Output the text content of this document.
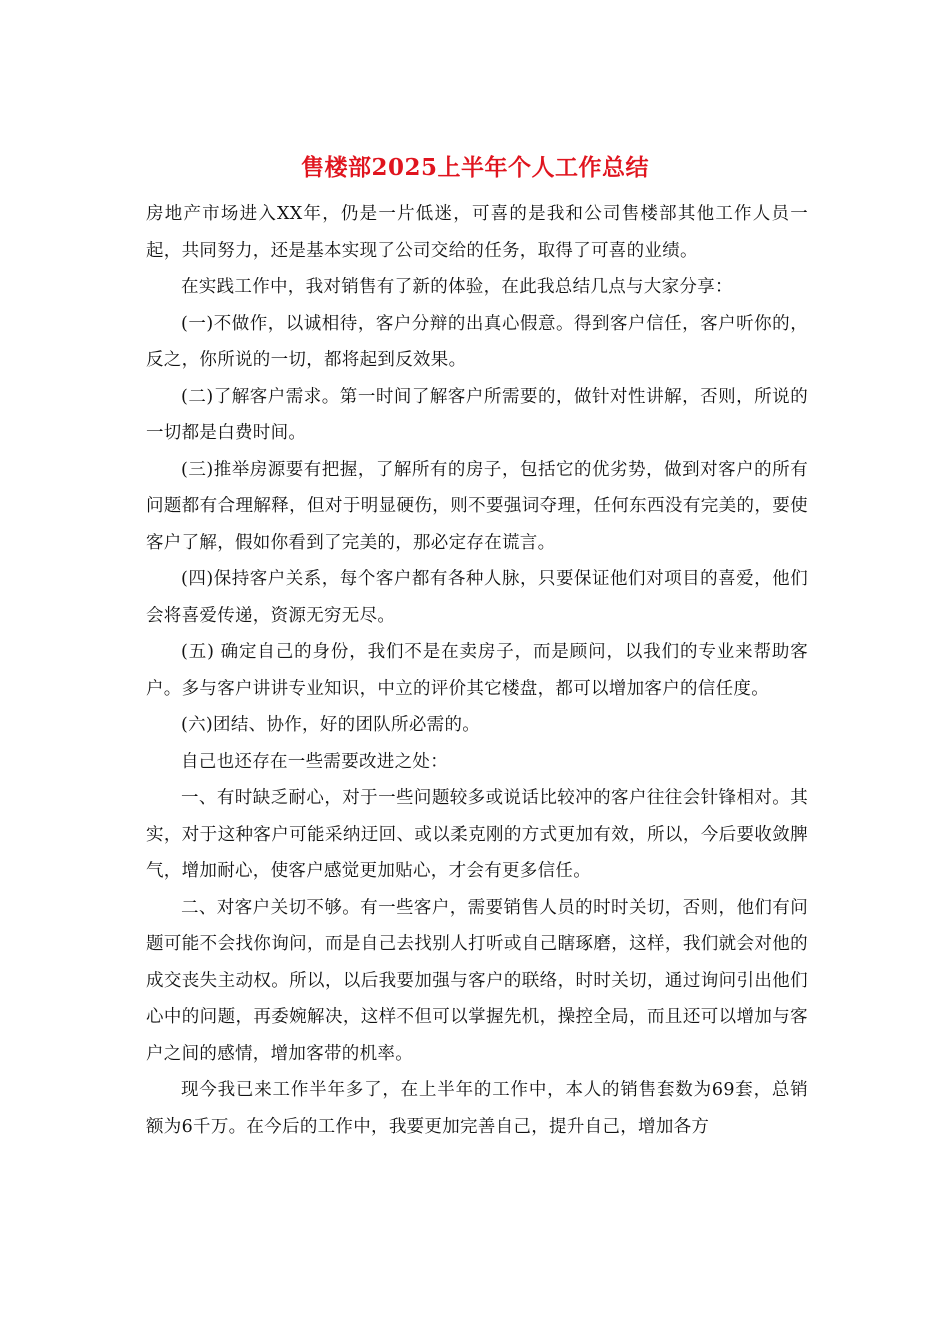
售楼部2025上半年个人工作总结

房地产市场进入XX年，仍是一片低迷，可喜的是我和公司售楼部其他工作人员一起，共同努力，还是基本实现了公司交给的任务，取得了可喜的业绩。

在实践工作中，我对销售有了新的体验，在此我总结几点与大家分享：

(一)不做作，以诚相待，客户分辩的出真心假意。得到客户信任，客户听你的，反之，你所说的一切，都将起到反效果。

(二)了解客户需求。第一时间了解客户所需要的，做针对性讲解，否则，所说的一切都是白费时间。

(三)推举房源要有把握，了解所有的房子，包括它的优劣势，做到对客户的所有问题都有合理解释，但对于明显硬伤，则不要强词夺理，任何东西没有完美的，要使客户了解，假如你看到了完美的，那必定存在谎言。

(四)保持客户关系，每个客户都有各种人脉，只要保证他们对项目的喜爱，他们会将喜爱传递，资源无穷无尽。

(五) 确定自己的身份，我们不是在卖房子，而是顾问，以我们的专业来帮助客户。多与客户讲讲专业知识，中立的评价其它楼盘，都可以增加客户的信任度。

(六)团结、协作，好的团队所必需的。

自己也还存在一些需要改进之处：

一、有时缺乏耐心，对于一些问题较多或说话比较冲的客户往往会针锋相对。其实，对于这种客户可能采纳迂回、或以柔克刚的方式更加有效，所以，今后要收敛脾气，增加耐心，使客户感觉更加贴心，才会有更多信任。

二、对客户关切不够。有一些客户，需要销售人员的时时关切，否则，他们有问题可能不会找你询问，而是自己去找别人打听或自己瞎琢磨，这样，我们就会对他的成交丧失主动权。所以，以后我要加强与客户的联络，时时关切，通过询问引出他们心中的问题，再委婉解决，这样不但可以掌握先机，操控全局，而且还可以增加与客户之间的感情，增加客带的机率。

现今我已来工作半年多了，在上半年的工作中，本人的销售套数为69套，总销额为6千万。在今后的工作中，我要更加完善自己，提升自己，增加各方
